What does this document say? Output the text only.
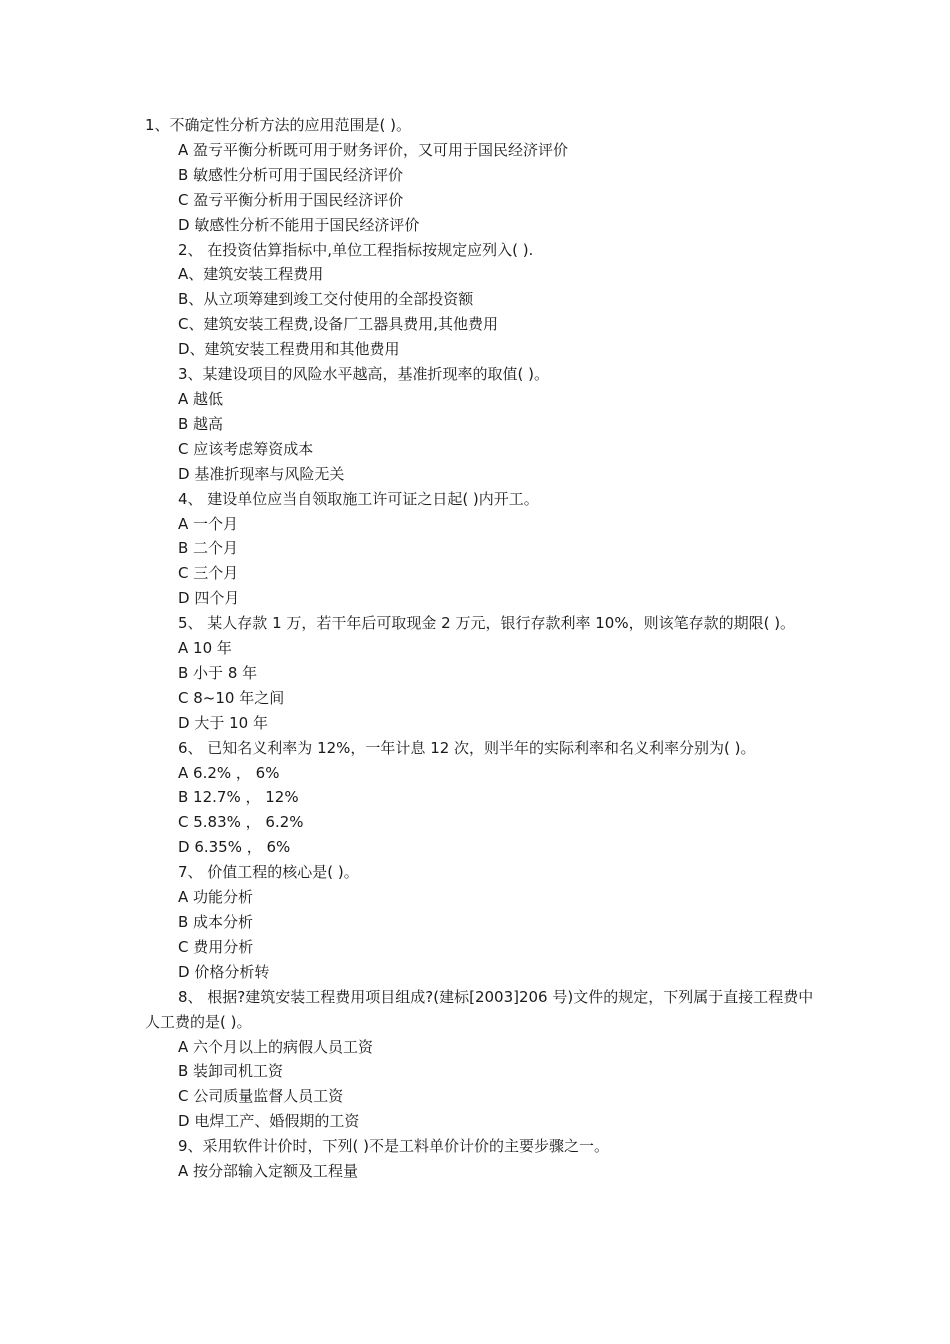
1、不确定性分析方法的应用范围是( )。
A 盈亏平衡分析既可用于财务评价，又可用于国民经济评价
B 敏感性分析可用于国民经济评价
C 盈亏平衡分析用于国民经济评价
D 敏感性分析不能用于国民经济评价
2、 在投资估算指标中,单位工程指标按规定应列入( ).
A、建筑安装工程费用
B、从立项筹建到竣工交付使用的全部投资额
C、建筑安装工程费,设备厂工器具费用,其他费用
D、建筑安装工程费用和其他费用
3、某建设项目的风险水平越高，基准折现率的取值( )。
A 越低
B 越高
C 应该考虑筹资成本
D 基准折现率与风险无关
4、 建设单位应当自领取施工许可证之日起( )内开工。
A 一个月
B 二个月
C 三个月
D 四个月
5、 某人存款 1 万，若干年后可取现金 2 万元，银行存款利率 10%，则该笔存款的期限( )。
A 10 年
B 小于 8 年
C 8~10 年之间
D 大于 10 年
6、 已知名义利率为 12%，一年计息 12 次，则半年的实际利率和名义利率分别为( )。
A 6.2% ， 6%
B 12.7% ， 12%
C 5.83% ， 6.2%
D 6.35% ， 6%
7、 价值工程的核心是( )。
A 功能分析
B 成本分析
C 费用分析
D 价格分析转
8、 根据?建筑安装工程费用项目组成?(建标[2003]206 号)文件的规定，下列属于直接工程费中人工费的是( )。
A 六个月以上的病假人员工资
B 装卸司机工资
C 公司质量监督人员工资
D 电焊工产、婚假期的工资
9、采用软件计价时，下列( )不是工料单价计价的主要步骤之一。
A 按分部输入定额及工程量
